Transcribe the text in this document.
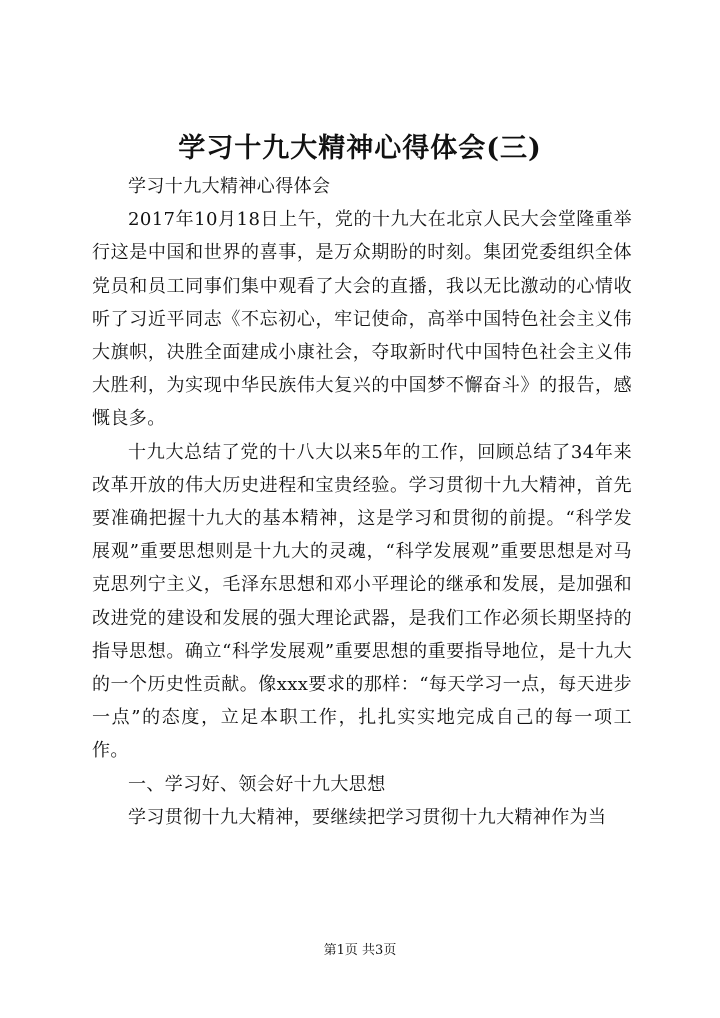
学习十九大精神心得体会(三)

学习十九大精神心得体会

2017年10月18日上午，党的十九大在北京人民大会堂隆重举行这是中国和世界的喜事，是万众期盼的时刻。集团党委组织全体党员和员工同事们集中观看了大会的直播，我以无比激动的心情收听了习近平同志《不忘初心，牢记使命，高举中国特色社会主义伟大旗帜，决胜全面建成小康社会，夺取新时代中国特色社会主义伟大胜利，为实现中华民族伟大复兴的中国梦不懈奋斗》的报告，感慨良多。

十九大总结了党的十八大以来5年的工作，回顾总结了34年来改革开放的伟大历史进程和宝贵经验。学习贯彻十九大精神，首先要准确把握十九大的基本精神，这是学习和贯彻的前提。“科学发展观”重要思想则是十九大的灵魂，“科学发展观”重要思想是对马克思列宁主义，毛泽东思想和邓小平理论的继承和发展，是加强和改进党的建设和发展的强大理论武器，是我们工作必须长期坚持的指导思想。确立“科学发展观”重要思想的重要指导地位，是十九大的一个历史性贡献。像xxx要求的那样：“每天学习一点，每天进步一点”的态度，立足本职工作，扎扎实实地完成自己的每一项工作。

一、学习好、领会好十九大思想

学习贯彻十九大精神，要继续把学习贯彻十九大精神作为当

第1页 共3页
